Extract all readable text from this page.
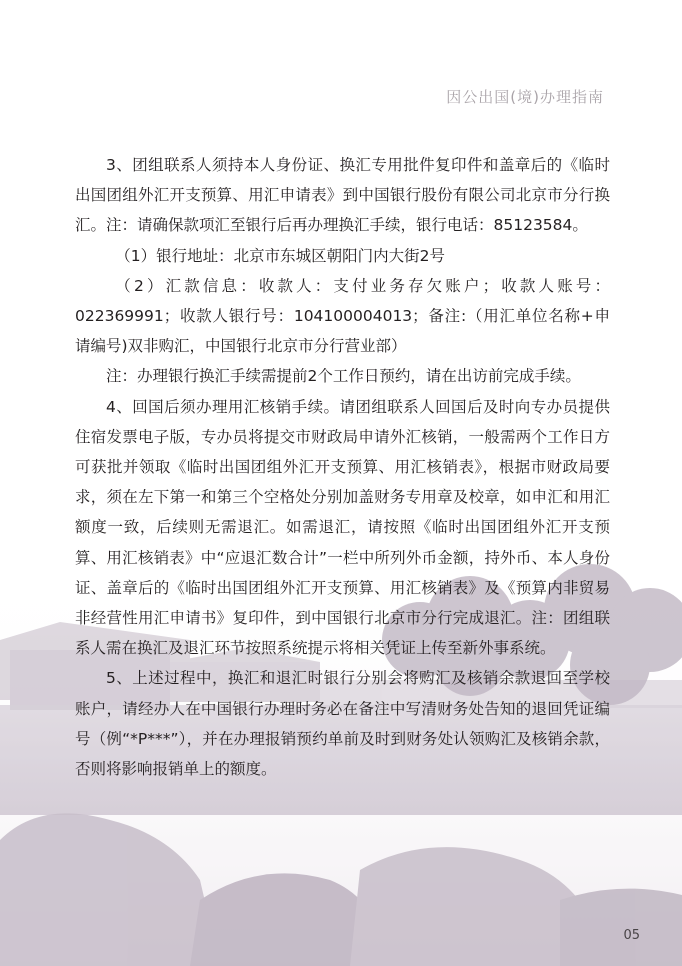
因公出国(境)办理指南

3、团组联系人须持本人身份证、换汇专用批件复印件和盖章后的《临时出国团组外汇开支预算、用汇申请表》到中国银行股份有限公司北京市分行换汇。注：请确保款项汇至银行后再办理换汇手续，银行电话：85123584。

（1）银行地址：北京市东城区朝阳门内大街2号

（2）汇款信息：收款人：支付业务存欠账户；收款人账号：022369991；收款人银行号：104100004013；备注:（用汇单位名称+申请编号)双非购汇，中国银行北京市分行营业部）

注：办理银行换汇手续需提前2个工作日预约，请在出访前完成手续。

4、回国后须办理用汇核销手续。请团组联系人回国后及时向专办员提供住宿发票电子版，专办员将提交市财政局申请外汇核销，一般需两个工作日方可获批并领取《临时出国团组外汇开支预算、用汇核销表》，根据市财政局要求，须在左下第一和第三个空格处分别加盖财务专用章及校章，如申汇和用汇额度一致，后续则无需退汇。如需退汇，请按照《临时出国团组外汇开支预算、用汇核销表》中“应退汇数合计”一栏中所列外币金额，持外币、本人身份证、盖章后的《临时出国团组外汇开支预算、用汇核销表》及《预算内非贸易非经营性用汇申请书》复印件，到中国银行北京市分行完成退汇。注：团组联系人需在换汇及退汇环节按照系统提示将相关凭证上传至新外事系统。

5、上述过程中，换汇和退汇时银行分别会将购汇及核销余款退回至学校账户，请经办人在中国银行办理时务必在备注中写清财务处告知的退回凭证编号（例“*P***”），并在办理报销预约单前及时到财务处认领购汇及核销余款，否则将影响报销单上的额度。

05
